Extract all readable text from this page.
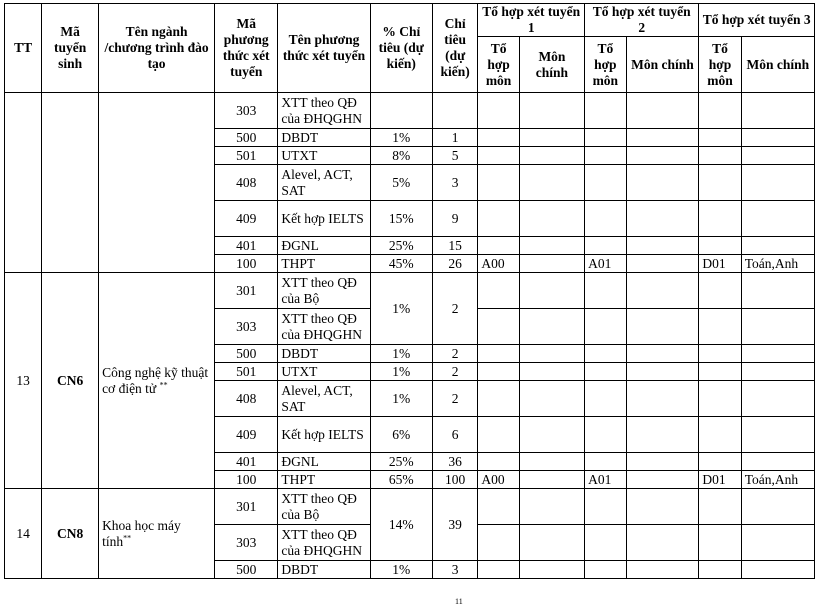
TT	Mã tuyển sinh	Tên ngành /chương trình đào tạo	Mã phương thức xét tuyển	Tên phương thức xét tuyển	% Chỉ tiêu (dự kiến)	Chỉ tiêu (dự kiến)	Tổ hợp xét tuyển 1		Tổ hợp xét tuyển 2		Tổ hợp xét tuyển 3	
							Tổ hợp môn	Môn chính	Tổ hợp môn	Môn chính	Tổ hợp môn	Môn chính
			303	XTT theo QĐ của ĐHQGHN								
			500	DBDT	1%	1						
			501	UTXT	8%	5						
			408	Alevel, ACT, SAT	5%	3						
			409	Kết hợp IELTS	15%	9						
			401	ĐGNL	25%	15						
			100	THPT	45%	26	A00		A01		D01	Toán,Anh
13	CN6	Công nghệ kỹ thuật cơ điện tử **	301	XTT theo QĐ của Bộ	1%	2						
			303	XTT theo QĐ của ĐHQGHN								
			500	DBDT	1%	2						
			501	UTXT	1%	2						
			408	Alevel, ACT, SAT	1%	2						
			409	Kết hợp IELTS	6%	6						
			401	ĐGNL	25%	36						
			100	THPT	65%	100	A00		A01		D01	Toán,Anh
14	CN8	Khoa học máy tính**	301	XTT theo QĐ của Bộ	14%	39						
			303	XTT theo QĐ của ĐHQGHN								
			500	DBDT	1%	3						
11
